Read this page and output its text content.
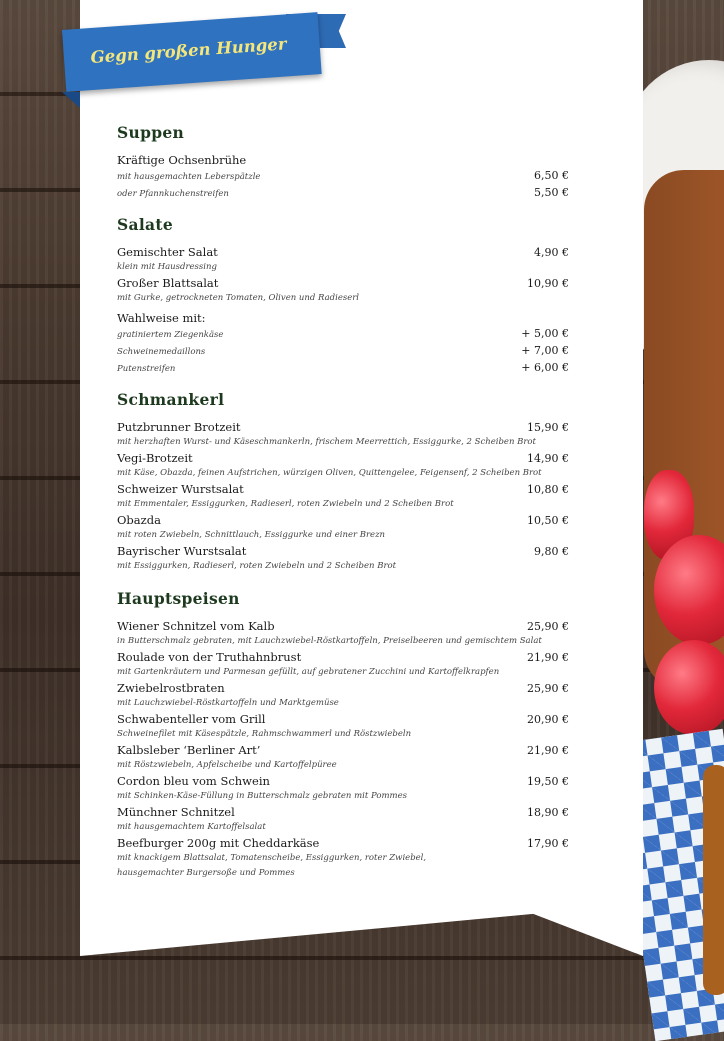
Gegn großen Hunger
Suppen
Kräftige Ochsenbrühe
mit hausgemachten Leberspätzle	6,50 €
oder Pfannkuchenstreifen	5,50 €
Salate
Gemischter Salat	4,90 €
klein mit Hausdressing
Großer Blattsalat	10,90 €
mit Gurke, getrockneten Tomaten, Oliven und Radieserl
Wahlweise mit:
gratiniertem Ziegenkäse	+ 5,00 €
Schweinemedaillons	+ 7,00 €
Putenstreifen	+ 6,00 €
Schmankerl
Putzbrunner Brotzeit	15,90 €
mit herzhaften Wurst- und Käseschmankerln, frischem Meerrettich, Essiggurke, 2 Scheiben Brot
Vegi-Brotzeit	14,90 €
mit Käse, Obazda, feinen Aufstrichen, würzigen Oliven, Quittengelee, Feigensenf, 2 Scheiben Brot
Schweizer Wurstsalat	10,80 €
mit Emmentaler, Essiggurken, Radieserl, roten Zwiebeln und 2 Scheiben Brot
Obazda	10,50 €
mit roten Zwiebeln, Schnittlauch, Essiggurke und einer Brezn
Bayrischer Wurstsalat	9,80 €
mit Essiggurken, Radieserl, roten Zwiebeln und 2 Scheiben Brot
Hauptspeisen
Wiener Schnitzel vom Kalb	25,90 €
in Butterschmalz gebraten, mit Lauchzwiebel-Röstkartoffeln, Preiselbeeren und gemischtem Salat
Roulade von der Truthahnbrust	21,90 €
mit Gartenkräutern und Parmesan gefüllt, auf gebratener Zucchini und Kartoffelkrapfen
Zwiebelrostbraten	25,90 €
mit Lauchzwiebel-Röstkartoffeln und Marktgemüse
Schwabenteller vom Grill	20,90 €
Schweinefilet mit Käsespätzle, Rahmschwammerl und Röstzwiebeln
Kalbsleber ‘Berliner Art’	21,90 €
mit Röstzwiebeln, Apfelscheibe und Kartoffelpüree
Cordon bleu vom Schwein	19,50 €
mit Schinken-Käse-Füllung in Butterschmalz gebraten mit Pommes
Münchner Schnitzel	18,90 €
mit hausgemachtem Kartoffelsalat
Beefburger 200g mit Cheddarkäse	17,90 €
mit knackigem Blattsalat, Tomatenscheibe, Essiggurken, roter Zwiebel,
hausgemachter Burgersoße und Pommes
